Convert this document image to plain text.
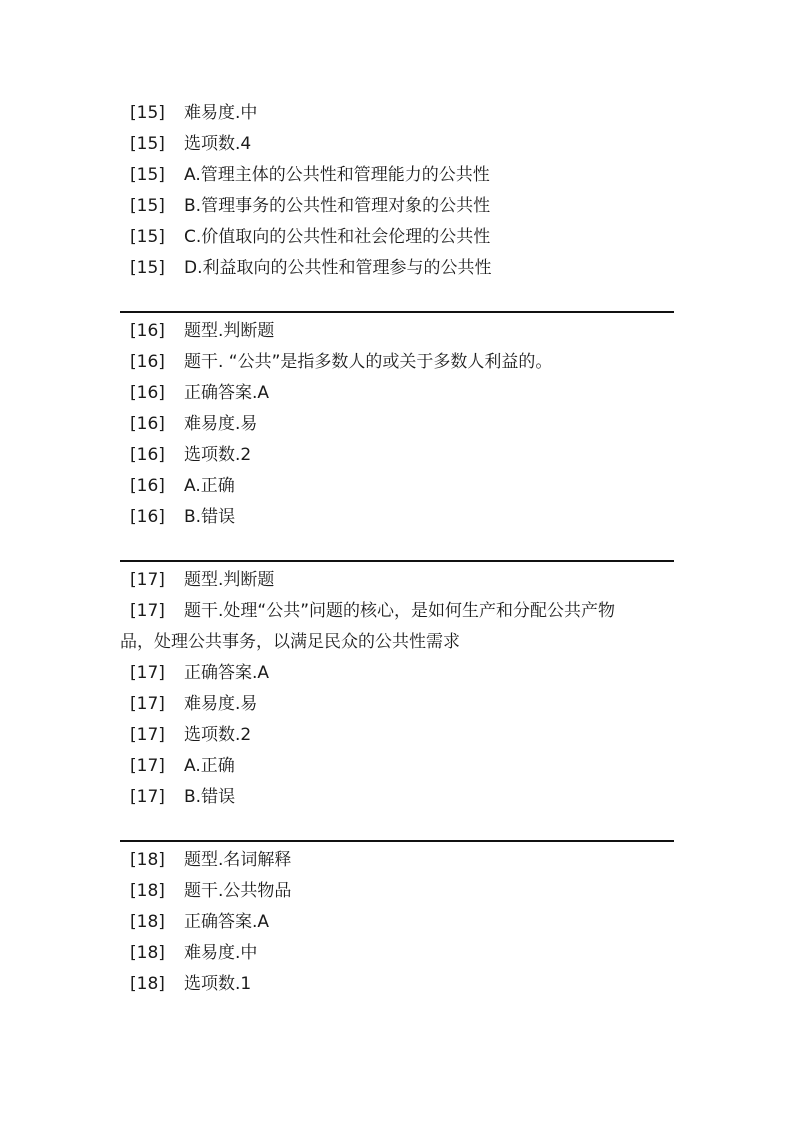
[15] 难易度.中
[15] 选项数.4
[15] A.管理主体的公共性和管理能力的公共性
[15] B.管理事务的公共性和管理对象的公共性
[15] C.价值取向的公共性和社会伦理的公共性
[15] D.利益取向的公共性和管理参与的公共性
[16] 题型.判断题
[16] 题干. “公共”是指多数人的或关于多数人利益的。
[16] 正确答案.A
[16] 难易度.易
[16] 选项数.2
[16] A.正确
[16] B.错误
[17] 题型.判断题
[17] 题干.处理“公共”问题的核心，是如何生产和分配公共产物
品，处理公共事务，以满足民众的公共性需求
[17] 正确答案.A
[17] 难易度.易
[17] 选项数.2
[17] A.正确
[17] B.错误
[18] 题型.名词解释
[18] 题干.公共物品
[18] 正确答案.A
[18] 难易度.中
[18] 选项数.1
